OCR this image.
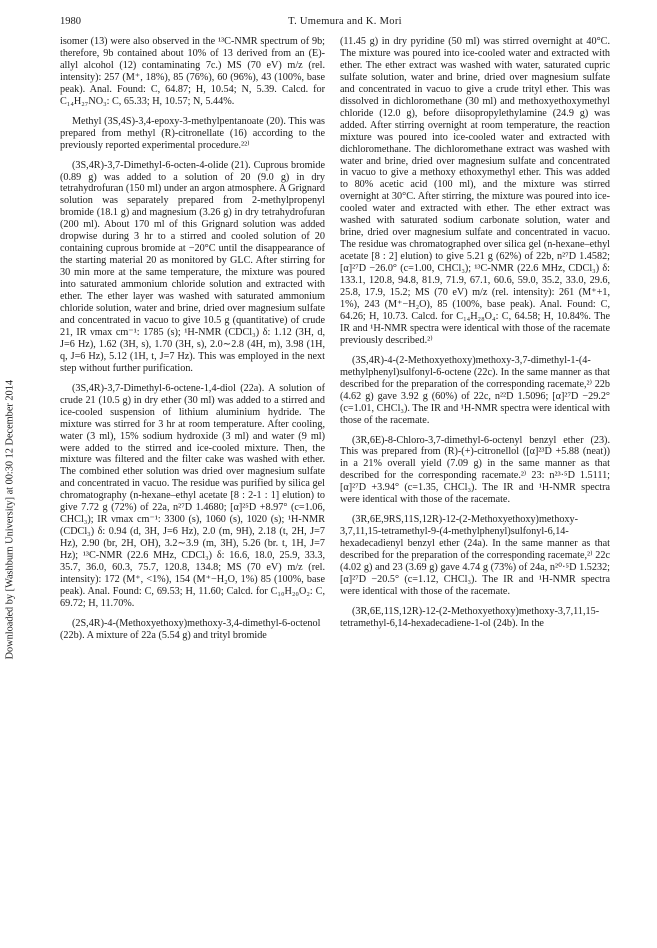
Downloaded by [Washburn University] at 00:30 12 December 2014
1980	T. Umemura and K. Mori

isomer (13) were also observed in the ¹³C-NMR spectrum of 9b; therefore, 9b contained about 10% of 13 derived from an (E)-allyl alcohol (12) contaminating 7c.) MS (70 eV) m/z (rel. intensity): 257 (M⁺, 18%), 85 (76%), 60 (96%), 43 (100%, base peak). Anal. Found: C, 64.87; H, 10.54; N, 5.39. Calcd. for C₁₄H₂₇NO₃: C, 65.33; H, 10.57; N, 5.44%.

Methyl (3S,4S)-3,4-epoxy-3-methylpentanoate (20). This was prepared from methyl (R)-citronellate (16) according to the previously reported experimental procedure.²²⁾

(3S,4R)-3,7-Dimethyl-6-octen-4-olide (21). Cuprous bromide (0.89 g) was added to a solution of 20 (9.0 g) in dry tetrahydrofuran (150 ml) under an argon atmosphere. A Grignard solution was separately prepared from 2-methylpropenyl bromide (18.1 g) and magnesium (3.26 g) in dry tetrahydrofuran (200 ml). About 170 ml of this Grignard solution was added dropwise during 3 hr to a stirred and cooled solution of 20 containing cuprous bromide at −20°C until the disappearance of the starting material 20 as monitored by GLC. After stirring for 30 min more at the same temperature, the mixture was poured into saturated ammonium chloride solution and extracted with ether. The ether layer was washed with saturated ammonium chloride solution, water and brine, dried over magnesium sulfate and concentrated in vacuo to give 10.5 g (quantitative) of crude 21, IR νmax cm⁻¹: 1785 (s); ¹H-NMR (CDCl₃) δ: 1.12 (3H, d, J=6 Hz), 1.62 (3H, s), 1.70 (3H, s), 2.0∼2.8 (4H, m), 3.98 (1H, q, J=6 Hz), 5.12 (1H, t, J=7 Hz). This was employed in the next step without further purification.

(3S,4R)-3,7-Dimethyl-6-octene-1,4-diol (22a). A solution of crude 21 (10.5 g) in dry ether (30 ml) was added to a stirred and ice-cooled suspension of lithium aluminium hydride. The mixture was stirred for 3 hr at room temperature. After cooling, water (3 ml), 15% sodium hydroxide (3 ml) and water (9 ml) were added to the stirred and ice-cooled mixture. Then, the mixture was filtered and the filter cake was washed with ether. The combined ether solution was dried over magnesium sulfate and concentrated in vacuo. The residue was purified by silica gel chromatography (n-hexane–ethyl acetate [8 : 2-1 : 1] elution) to give 7.72 g (72%) of 22a, n²⁷D 1.4680; [α]²⁵D +8.97° (c=1.06, CHCl₃); IR νmax cm⁻¹: 3300 (s), 1060 (s), 1020 (s); ¹H-NMR (CDCl₃) δ: 0.94 (d, 3H, J=6 Hz), 2.0 (m, 9H), 2.18 (t, 2H, J=7 Hz), 2.90 (br, 2H, OH), 3.2∼3.9 (m, 3H), 5.26 (br. t, 1H, J=7 Hz); ¹³C-NMR (22.6 MHz, CDCl₃) δ: 16.6, 18.0, 25.9, 33.3, 35.7, 36.0, 60.3, 75.7, 120.8, 134.8; MS (70 eV) m/z (rel. intensity): 172 (M⁺, <1%), 154 (M⁺−H₂O, 1%) 85 (100%, base peak). Anal. Found: C, 69.53; H, 11.60; Calcd. for C₁₀H₂₀O₂: C, 69.72; H, 11.70%.

(2S,4R)-4-(Methoxyethoxy)methoxy-3,4-dimethyl-6-octenol (22b). A mixture of 22a (5.54 g) and trityl bromide

(11.45 g) in dry pyridine (50 ml) was stirred overnight at 40°C. The mixture was poured into ice-cooled water and extracted with ether. The ether extract was washed with water, saturated cupric sulfate solution, water and brine, dried over magnesium sulfate and concentrated in vacuo to give a crude trityl ether. This was dissolved in dichloromethane (30 ml) and methoxyethoxymethyl chloride (12.0 g), before diisopropylethylamine (24.9 g) was added. After stirring overnight at room temperature, the reaction mixture was poured into ice-cooled water and extracted with dichloromethane. The dichloromethane extract was washed with water and brine, dried over magnesium sulfate and concentrated in vacuo to give a methoxy ethoxymethyl ether. This was added to 80% acetic acid (100 ml), and the mixture was stirred overnight at 30°C. After stirring, the mixture was poured into ice-cooled water and extracted with ether. The ether extract was washed with saturated sodium carbonate solution, water and brine, dried over magnesium sulfate and concentrated in vacuo. The residue was chromatographed over silica gel (n-hexane–ethyl acetate [8 : 2] elution) to give 5.21 g (62%) of 22b, n²⁷D 1.4582; [α]²⁷D −26.0° (c=1.00, CHCl₃); ¹³C-NMR (22.6 MHz, CDCl₃) δ: 133.1, 120.8, 94.8, 81.9, 71.9, 67.1, 60.6, 59.0, 35.2, 33.0, 29.6, 25.8, 17.9, 15.2; MS (70 eV) m/z (rel. intensity): 261 (M⁺+1, 1%), 243 (M⁺−H₂O), 85 (100%, base peak). Anal. Found: C, 64.26; H, 10.73. Calcd. for C₁₄H₂₈O₄: C, 64.58; H, 10.84%. The IR and ¹H-NMR spectra were identical with those of the racemate previously described.²⁾

(3S,4R)-4-(2-Methoxyethoxy)methoxy-3,7-dimethyl-1-(4-methylphenyl)sulfonyl-6-octene (22c). In the same manner as that described for the preparation of the corresponding racemate,²⁾ 22b (4.62 g) gave 3.92 g (60%) of 22c, n²²D 1.5096; [α]²⁷D −29.2° (c=1.01, CHCl₃). The IR and ¹H-NMR spectra were identical with those of the racemate.

(3R,6E)-8-Chloro-3,7-dimethyl-6-octenyl benzyl ether (23). This was prepared from (R)-(+)-citronellol ([α]²³D +5.88 (neat)) in a 21% overall yield (7.09 g) in the same manner as that described for the corresponding racemate.²⁾ 23: n²³·⁵D 1.5111; [α]²⁷D +3.94° (c=1.35, CHCl₃). The IR and ¹H-NMR spectra were identical with those of the racemate.

(3R,6E,9RS,11S,12R)-12-(2-Methoxyethoxy)methoxy-3,7,11,15-tetramethyl-9-(4-methylphenyl)sulfonyl-6,14-hexadecadienyl benzyl ether (24a). In the same manner as that described for the preparation of the corresponding racemate,²⁾ 22c (4.02 g) and 23 (3.69 g) gave 4.74 g (73%) of 24a, n²⁰·⁵D 1.5232; [α]²⁷D −20.5° (c=1.12, CHCl₃). The IR and ¹H-NMR spectra were identical with those of the racemate.

(3R,6E,11S,12R)-12-(2-Methoxyethoxy)methoxy-3,7,11,15-tetramethyl-6,14-hexadecadiene-1-ol (24b). In the
